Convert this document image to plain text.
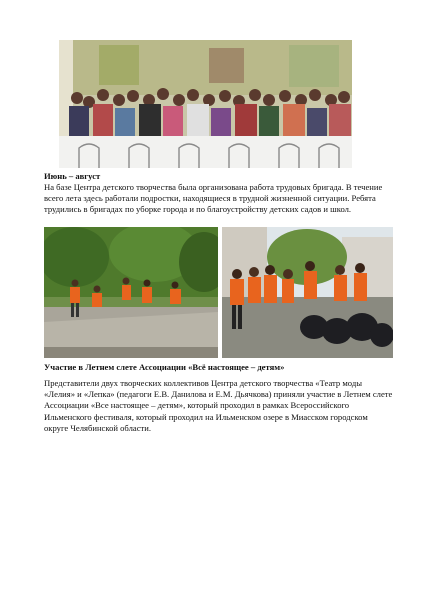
Июнь – август
На базе Центра детского творчества была организована работа трудовых бригада. В течение
всего лета здесь работали подростки, находящиеся в трудной жизненной ситуации. Ребята
трудились в бригадах по уборке города и по благоустройству детских садов и школ.
Участие в Летнем слете Ассоциации «Всё настоящее – детям»
Представители двух творческих коллективов Центра детского творчества «Театр моды
«Лелия» и «Лепка» (педагоги Е.В. Данилова и Е.М. Дьячкова) приняли участие в Летнем слете
Ассоциации «Все настоящее – детям», который проходил в рамках Всероссийского
Ильменского фестиваля, который проходил на Ильменском озере в Миасском городском
округе Челябинской области.
